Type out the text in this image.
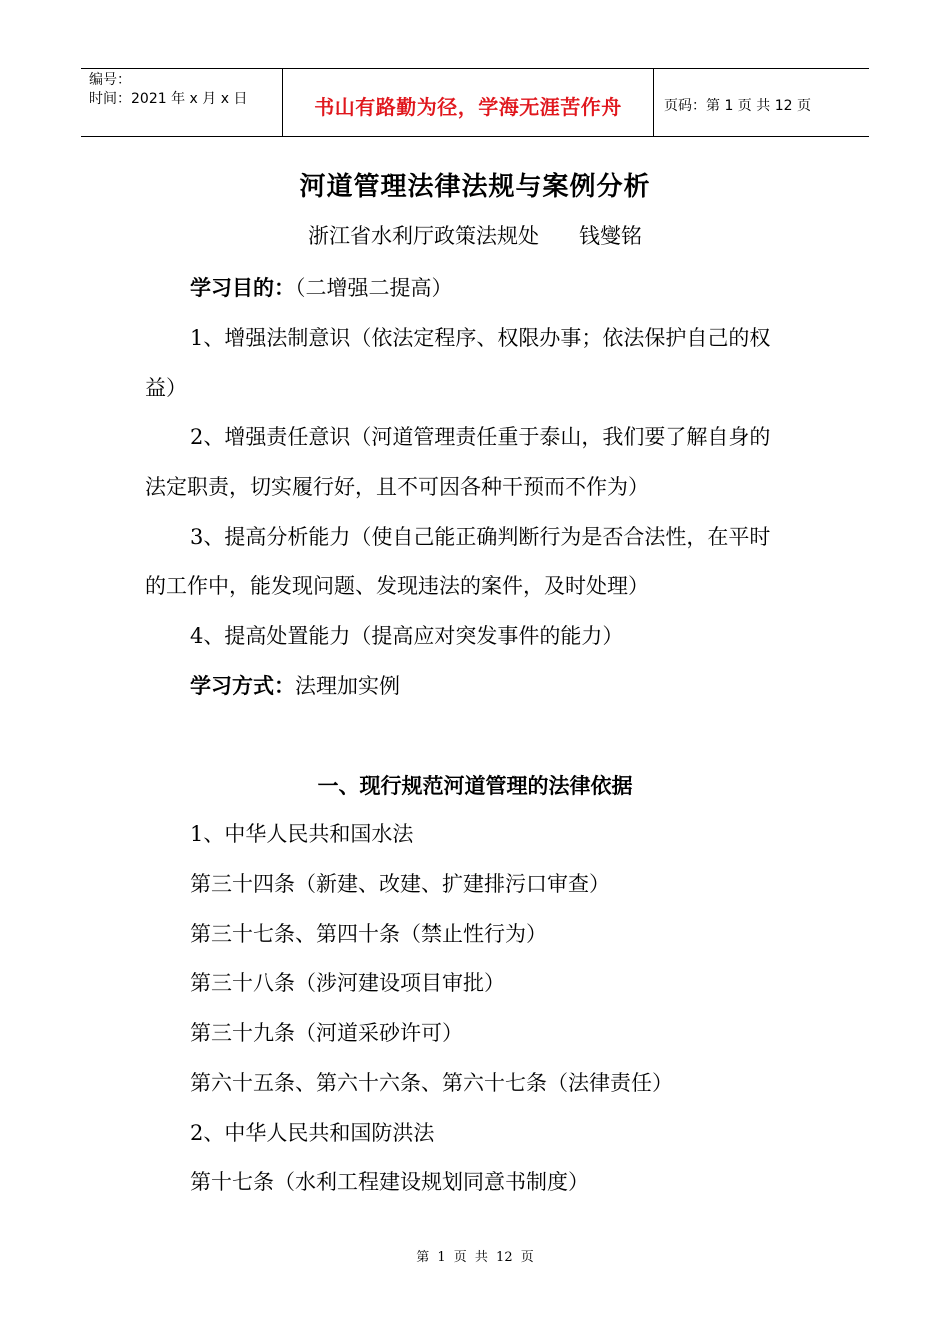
编号：
时间：2021 年 x 月 x 日	书山有路勤为径，学海无涯苦作舟	页码：第 1 页 共 12 页
河道管理法律法规与案例分析
浙江省水利厅政策法规处      钱燮铭
学习目的：（二增强二提高）
1、增强法制意识（依法定程序、权限办事；依法保护自己的权
益）
2、增强责任意识（河道管理责任重于泰山，我们要了解自身的
法定职责，切实履行好，且不可因各种干预而不作为）
3、提高分析能力（使自己能正确判断行为是否合法性，在平时
的工作中，能发现问题、发现违法的案件，及时处理）
4、提高处置能力（提高应对突发事件的能力）
学习方式：法理加实例
一、现行规范河道管理的法律依据
1、中华人民共和国水法
第三十四条（新建、改建、扩建排污口审查）
第三十七条、第四十条（禁止性行为）
第三十八条（涉河建设项目审批）
第三十九条（河道采砂许可）
第六十五条、第六十六条、第六十七条（法律责任）
2、中华人民共和国防洪法
第十七条（水利工程建设规划同意书制度）
第 1 页 共 12 页
